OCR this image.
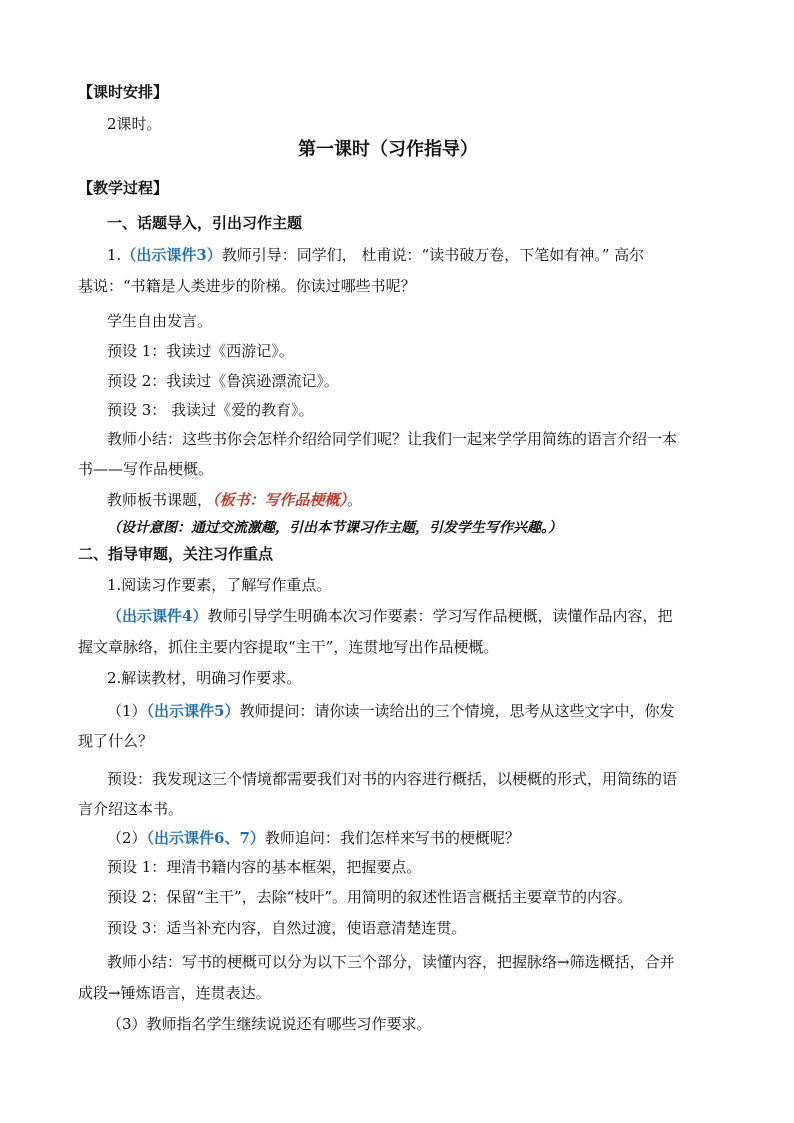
【课时安排】
2课时。
第一课时（习作指导）
【教学过程】
一、话题导入，引出习作主题
1.（出示课件3）教师引导：同学们， 杜甫说：“读书破万卷，下笔如有神。” 高尔
基说：“书籍是人类进步的阶梯。你读过哪些书呢？
学生自由发言。
预设 1：我读过《西游记》。
预设 2：我读过《鲁滨逊漂流记》。
预设 3： 我读过《爱的教育》。
教师小结：这些书你会怎样介绍给同学们呢？让我们一起来学学用简练的语言介绍一本
书——写作品梗概。
教师板书课题，（板书：写作品梗概）。
（设计意图：通过交流激趣，引出本节课习作主题，引发学生写作兴趣。）
二、指导审题，关注习作重点
1.阅读习作要素，了解写作重点。
（出示课件4）教师引导学生明确本次习作要素：学习写作品梗概，读懂作品内容，把
握文章脉络，抓住主要内容提取“主干”，连贯地写出作品梗概。
2.解读教材，明确习作要求。
（1）（出示课件5）教师提问：请你读一读给出的三个情境，思考从这些文字中，你发
现了什么？
预设：我发现这三个情境都需要我们对书的内容进行概括，以梗概的形式，用简练的语
言介绍这本书。
（2）（出示课件6、7）教师追问：我们怎样来写书的梗概呢？
预设 1：理清书籍内容的基本框架，把握要点。
预设 2：保留“主干”，去除“枝叶”。用简明的叙述性语言概括主要章节的内容。
预设 3：适当补充内容，自然过渡，使语意清楚连贯。
教师小结：写书的梗概可以分为以下三个部分，读懂内容，把握脉络→筛选概括，合并
成段→锤炼语言，连贯表达。
（3）教师指名学生继续说说还有哪些习作要求。
